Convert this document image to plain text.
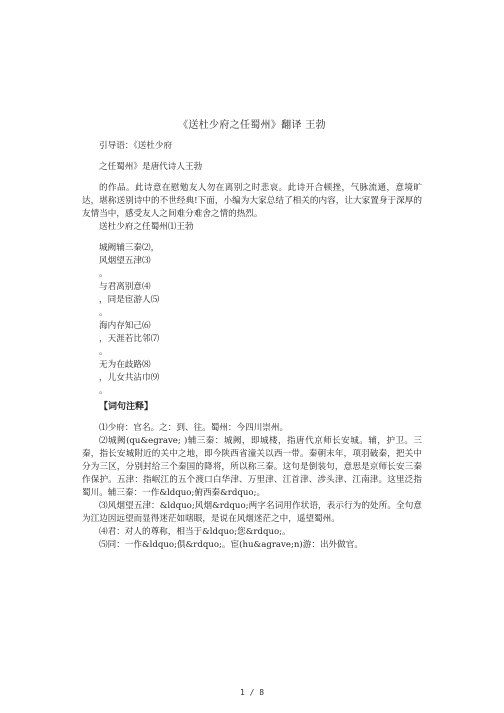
《送杜少府之任蜀州》翻译 王勃

引导语：《送杜少府

之任蜀州》是唐代诗人王勃

的作品。此诗意在慰勉友人勿在离别之时悲哀。此诗开合顿挫，气脉流通，意境旷达，堪称送别诗中的不世经典!下面，小编为大家总结了相关的内容，让大家置身于深厚的友情当中，感受友人之间难分难舍之情的热烈。

送杜少府之任蜀州⑴王勃

城阙辅三秦⑵，

风烟望五津⑶

。

与君离别意⑷

，同是宦游人⑸

。

海内存知己⑹

，天涯若比邻⑺

。

无为在歧路⑻

，儿女共沾巾⑼

。

【词句注释】

⑴少府：官名。之：到、往。蜀州：今四川崇州。

⑵城阙(qu&egrave; )辅三秦：城阙，即城楼，指唐代京师长安城。辅，护卫。三秦，指长安城附近的关中之地，即今陕西省潼关以西一带。秦朝末年，项羽破秦，把关中分为三区，分别封给三个秦国的降将，所以称三秦。这句是倒装句，意思是京师长安三秦作保护。五津：指岷江的五个渡口白华津、万里津、江首津、涉头津、江南津。这里泛指蜀川。辅三秦：一作&ldquo;俯西秦&rdquo;。

⑶风烟望五津：&ldquo;风烟&rdquo;两字名词用作状语，表示行为的处所。全句意为江边因远望而显得迷茫如嗐眼，是说在风烟迷茫之中，遥望蜀州。

⑷君：对人的尊称，相当于&ldquo;您&rdquo;。

⑸同：一作&ldquo;俱&rdquo;。宦(hu&agrave;n)游：出外做官。

1 / 8
